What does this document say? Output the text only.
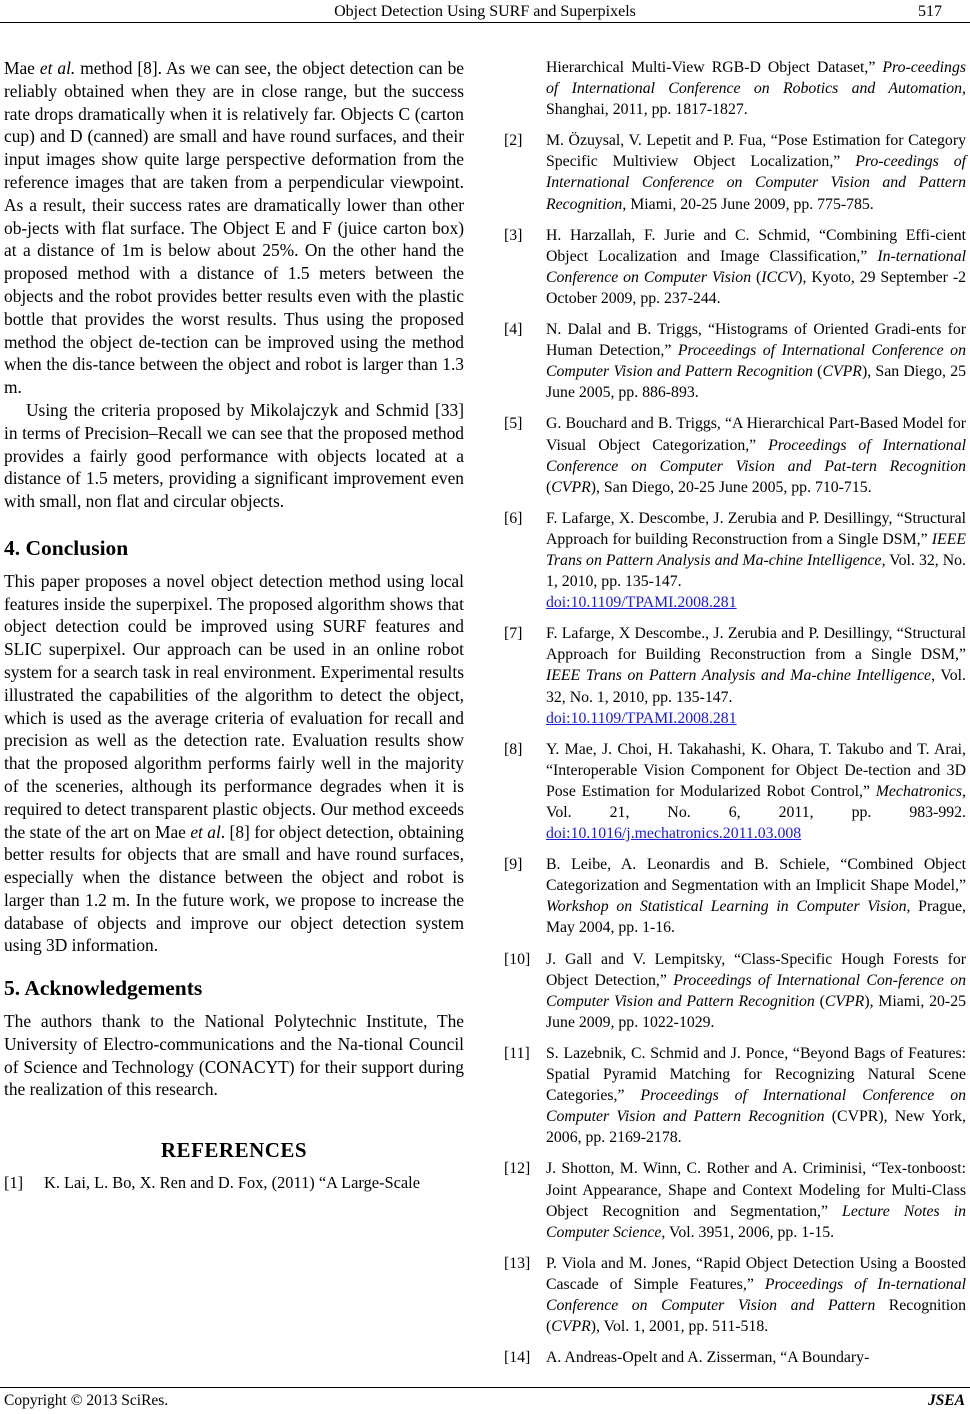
Object Detection Using SURF and Superpixels	517

Mae et al. method [8]. As we can see, the object detection can be reliably obtained when they are in close range, but the success rate drops dramatically when it is relatively far. Objects C (carton cup) and D (canned) are small and have round surfaces, and their input images show quite large perspective deformation from the reference images that are taken from a perpendicular viewpoint. As a result, their success rates are dramatically lower than other ob-jects with flat surface. The Object E and F (juice carton box) at a distance of 1m is below about 25%. On the other hand the proposed method with a distance of 1.5 meters between the objects and the robot provides better results even with the plastic bottle that provides the worst results. Thus using the proposed method the object de-tection can be improved using the method when the dis-tance between the object and robot is larger than 1.3 m.

Using the criteria proposed by Mikolajczyk and Schmid [33] in terms of Precision–Recall we can see that the proposed method provides a fairly good performance with objects located at a distance of 1.5 meters, providing a significant improvement even with small, non flat and circular objects.

4. Conclusion

This paper proposes a novel object detection method using local features inside the superpixel. The proposed algorithm shows that object detection could be improved using SURF features and SLIC superpixel. Our approach can be used in an online robot system for a search task in real environment. Experimental results illustrated the capabilities of the algorithm to detect the object, which is used as the average criteria of evaluation for recall and precision as well as the detection rate. Evaluation results show that the proposed algorithm performs fairly well in the majority of the sceneries, although its performance degrades when it is required to detect transparent plastic objects. Our method exceeds the state of the art on Mae et al. [8] for object detection, obtaining better results for objects that are small and have round surfaces, especially when the distance between the object and robot is larger than 1.2 m. In the future work, we propose to increase the database of objects and improve our object detection system using 3D information.

5. Acknowledgements

The authors thank to the National Polytechnic Institute, The University of Electro-communications and the Na-tional Council of Science and Technology (CONACYT) for their support during the realization of this research.

REFERENCES
[1]	K. Lai, L. Bo, X. Ren and D. Fox, (2011) “A Large-Scale
Hierarchical Multi-View RGB-D Object Dataset,” Pro-ceedings of International Conference on Robotics and Automation, Shanghai, 2011, pp. 1817-1827.
[2]	M. Özuysal, V. Lepetit and P. Fua, “Pose Estimation for Category Specific Multiview Object Localization,” Pro-ceedings of International Conference on Computer Vision and Pattern Recognition, Miami, 20-25 June 2009, pp. 775-785.
[3]	H. Harzallah, F. Jurie and C. Schmid, “Combining Effi-cient Object Localization and Image Classification,” In-ternational Conference on Computer Vision (ICCV), Kyoto, 29 September -2 October 2009, pp. 237-244.
[4]	N. Dalal and B. Triggs, “Histograms of Oriented Gradi-ents for Human Detection,” Proceedings of International Conference on Computer Vision and Pattern Recognition (CVPR), San Diego, 25 June 2005, pp. 886-893.
[5]	G. Bouchard and B. Triggs, “A Hierarchical Part-Based Model for Visual Object Categorization,” Proceedings of International Conference on Computer Vision and Pat-tern Recognition (CVPR), San Diego, 20-25 June 2005, pp. 710-715.
[6]	F. Lafarge, X. Descombe, J. Zerubia and P. Desillingy, “Structural Approach for building Reconstruction from a Single DSM,” IEEE Trans on Pattern Analysis and Ma-chine Intelligence, Vol. 32, No. 1, 2010, pp. 135-147.
doi:10.1109/TPAMI.2008.281
[7]	F. Lafarge, X Descombe., J. Zerubia and P. Desillingy, “Structural Approach for Building Reconstruction from a Single DSM,” IEEE Trans on Pattern Analysis and Ma-chine Intelligence, Vol. 32, No. 1, 2010, pp. 135-147.
doi:10.1109/TPAMI.2008.281
[8]	Y. Mae, J. Choi, H. Takahashi, K. Ohara, T. Takubo and T. Arai, “Interoperable Vision Component for Object De-tection and 3D Pose Estimation for Modularized Robot Control,” Mechatronics, Vol. 21, No. 6, 2011, pp. 983-992. doi:10.1016/j.mechatronics.2011.03.008
[9]	B. Leibe, A. Leonardis and B. Schiele, “Combined Object Categorization and Segmentation with an Implicit Shape Model,” Workshop on Statistical Learning in Computer Vision, Prague, May 2004, pp. 1-16.
[10] J. Gall and V. Lempitsky, “Class-Specific Hough Forests for Object Detection,” Proceedings of International Con-ference on Computer Vision and Pattern Recognition (CVPR), Miami, 20-25 June 2009, pp. 1022-1029.
[11]	S. Lazebnik, C. Schmid and J. Ponce, “Beyond Bags of Features: Spatial Pyramid Matching for Recognizing Natural Scene Categories,” Proceedings of International Conference on Computer Vision and Pattern Recognition (CVPR), New York, 2006, pp. 2169-2178.
[12] J. Shotton, M. Winn, C. Rother and A. Criminisi, “Tex-tonboost: Joint Appearance, Shape and Context Modeling for Multi-Class Object Recognition and Segmentation,” Lecture Notes in Computer Science, Vol. 3951, 2006, pp. 1-15.
[13] P. Viola and M. Jones, “Rapid Object Detection Using a Boosted Cascade of Simple Features,” Proceedings of In-ternational Conference on Computer Vision and Pattern Recognition (CVPR), Vol. 1, 2001, pp. 511-518.
[14] A. Andreas-Opelt and A. Zisserman, “A Boundary-
Copyright © 2013 SciRes.	JSEA
